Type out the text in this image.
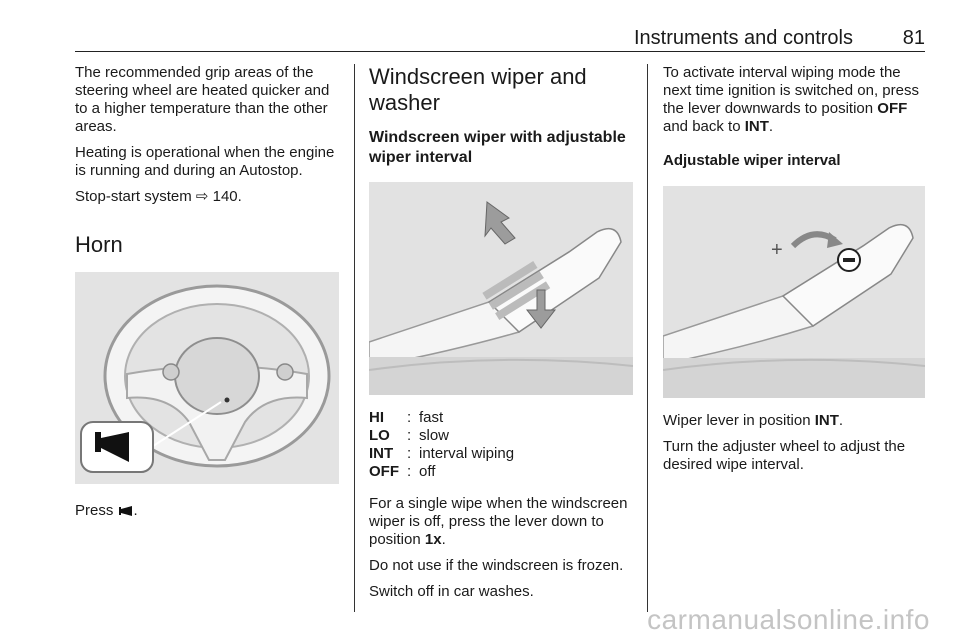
Instruments and controls 81

The recommended grip areas of the steering wheel are heated quicker and to a higher temperature than the other areas.

Heating is operational when the engine is running and during an Autostop.

Stop-start system ⇨ 140.

Horn

Press .

Windscreen wiper and washer
Windscreen wiper with adjustable wiper interval
HI	:	fast
LO	:	slow
INT	:	interval wiping
OFF	:	off

For a single wipe when the windscreen wiper is off, press the lever down to position 1x.

Do not use if the windscreen is frozen.

Switch off in car washes.

To activate interval wiping mode the next time ignition is switched on, press the lever downwards to position OFF and back to INT.

Adjustable wiper interval
+

Wiper lever in position INT.

Turn the adjuster wheel to adjust the desired wipe interval.

carmanualsonline.info
